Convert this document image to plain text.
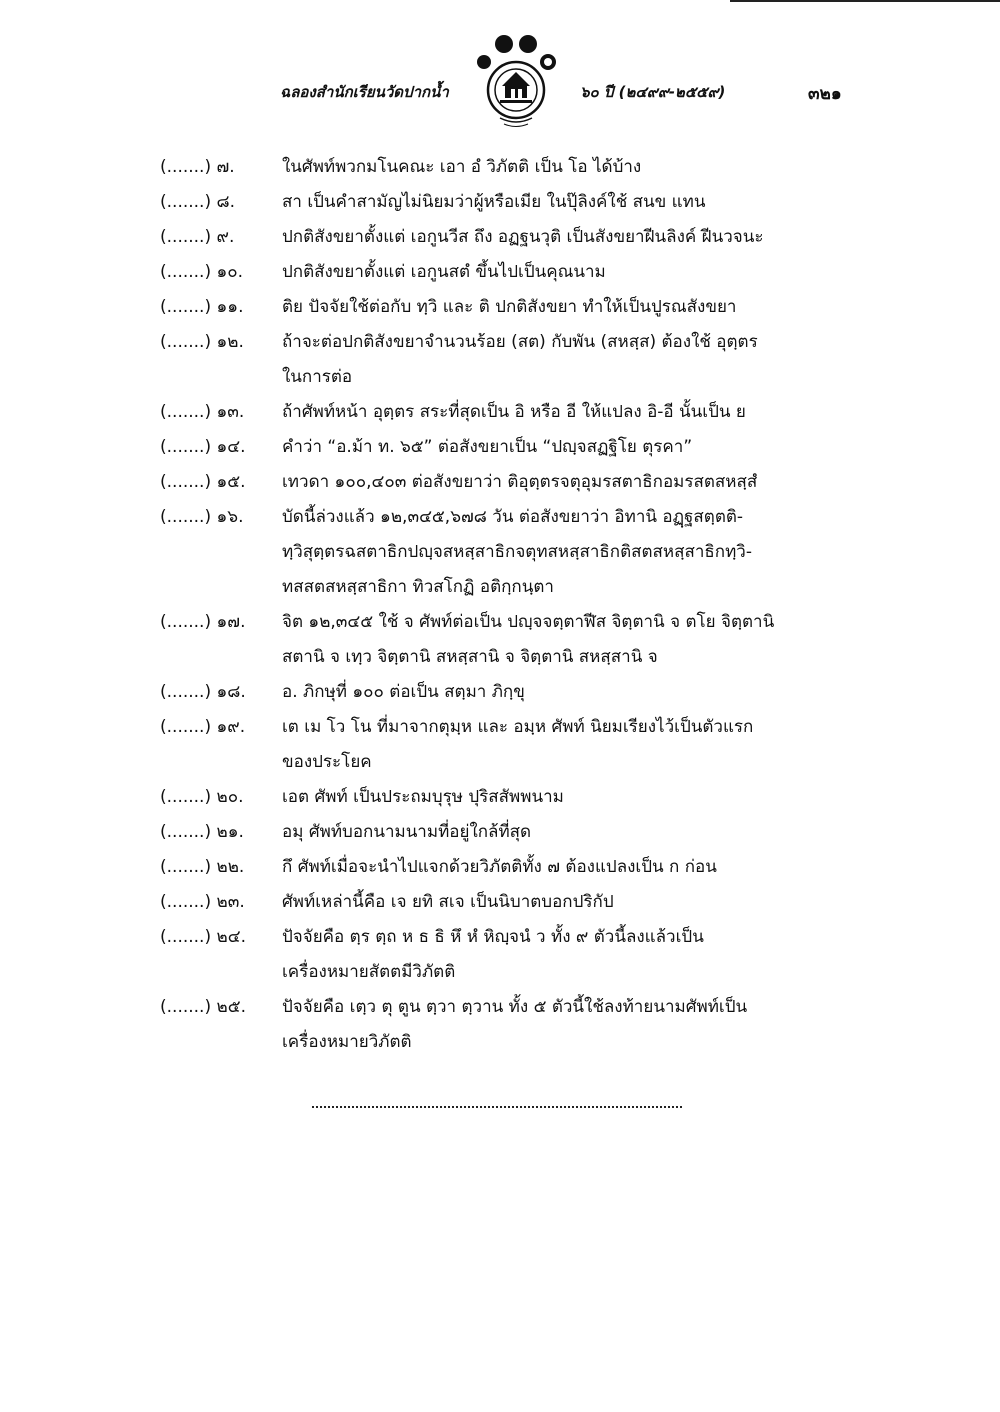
ฉลองสำนักเรียนวัดปากน้ำ	๖๐ ปี (๒๔๙๙-๒๕๕๙)	๓๒๑
(.......) ๗.	ในศัพท์พวกมโนคณะ เอา อํ วิภัตติ เป็น โอ ได้บ้าง
(.......) ๘.	สา เป็นคำสามัญไม่นิยมว่าผู้หรือเมีย ในปุ๊ลิงค์ใช้ สนข แทน
(.......) ๙.	ปกติสังขยาตั้งแต่ เอกูนวีส ถึง อฏฐนวุติ เป็นสังขยาฝีนลิงค์ ฝีนวจนะ
(.......) ๑๐.	ปกติสังขยาตั้งแต่ เอกูนสตํ ขึ้นไปเป็นคุณนาม
(.......) ๑๑.	ติย ปัจจัยใช้ต่อกับ ทฺวิ และ ติ ปกติสังขยา ทำให้เป็นปูรณสังขยา
(.......) ๑๒.	ถ้าจะต่อปกติสังขยาจำนวนร้อย (สต) กับพัน (สหสฺส) ต้องใช้ อุตฺตร
ในการต่อ
(.......) ๑๓.	ถ้าศัพท์หน้า อุตฺตร สระที่สุดเป็น อิ หรือ อี ให้แปลง อิ-อี นั้นเป็น ย
(.......) ๑๔.	คำว่า “อ.ม้า ท. ๖๕” ต่อสังขยาเป็น “ปญฺจสฏฐิโย ตุรคา”
(.......) ๑๕.	เทวดา ๑๐๐,๔๐๓ ต่อสังขยาว่า ติอุตฺตรจตุอุมรสตาธิกอมรสตสหสฺสํ
(.......) ๑๖.	บัดนี้ล่วงแล้ว ๑๒,๓๔๕,๖๗๘ วัน ต่อสังขยาว่า อิทานิ อฏฺฐสตฺตติ-
ทฺวิสุตฺตรฉสตาธิกปญฺจสหสฺสาธิกจตุทสหสฺสาธิกติสตสหสฺสาธิกทฺวิ-
ทสสตสหสฺสาธิกา ทิวสโกฏิ อติกฺกนฺตา
(.......) ๑๗.	จิต ๑๒,๓๔๕ ใช้ จ ศัพท์ต่อเป็น ปญฺจจตฺตาฬีส จิตฺตานิ จ ตโย จิตฺตานิ
สตานิ จ เทฺว จิตฺตานิ สหสฺสานิ จ จิตฺตานิ สหสฺสานิ จ
(.......) ๑๘.	อ. ภิกษุที่ ๑๐๐ ต่อเป็น สตฺมา ภิกฺขุ
(.......) ๑๙.	เต เม โว โน ที่มาจากตุมฺห และ อมฺห ศัพท์ นิยมเรียงไว้เป็นตัวแรก
ของประโยค
(.......) ๒๐.	เอต ศัพท์ เป็นประถมบุรุษ ปุริสสัพพนาม
(.......) ๒๑.	อมุ ศัพท์บอกนามนามที่อยู่ใกล้ที่สุด
(.......) ๒๒.	กึ ศัพท์เมื่อจะนำไปแจกด้วยวิภัตติทั้ง ๗ ต้องแปลงเป็น ก ก่อน
(.......) ๒๓.	ศัพท์เหล่านี้คือ เจ ยทิ สเจ เป็นนิบาตบอกปริกัป
(.......) ๒๔.	ปัจจัยคือ ตฺร ตฺถ ห ธ ธิ หึ หํ หิญฺจนํ ว ทั้ง ๙ ตัวนี้ลงแล้วเป็น
เครื่องหมายสัตตมีวิภัตติ
(.......) ๒๕.	ปัจจัยคือ เตฺว ตุ ตูน ตฺวา ตฺวาน ทั้ง ๕ ตัวนี้ใช้ลงท้ายนามศัพท์เป็น
เครื่องหมายวิภัตติ
